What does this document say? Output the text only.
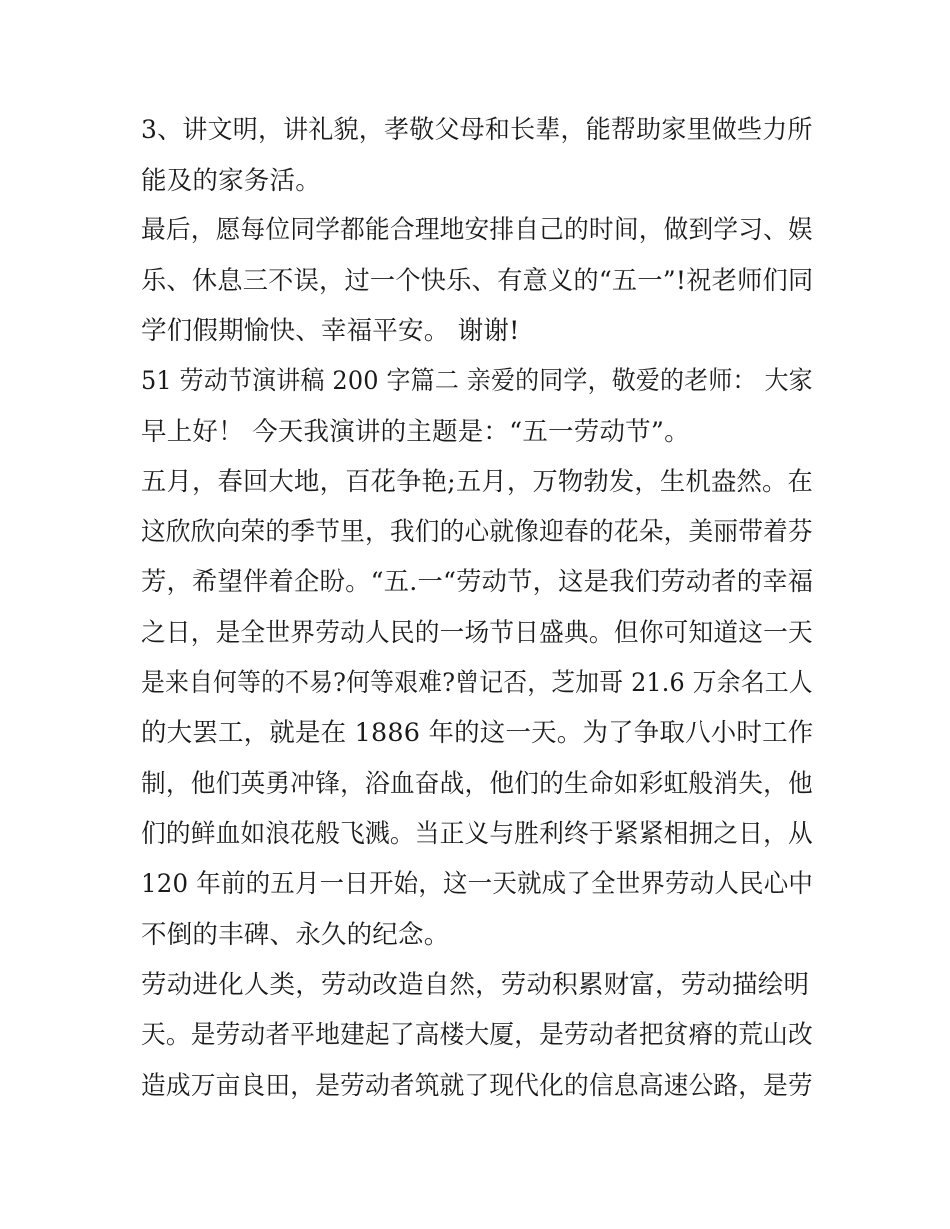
3、讲文明，讲礼貌，孝敬父母和长辈，能帮助家里做些力所
能及的家务活。
最后，愿每位同学都能合理地安排自己的时间，做到学习、娱
乐、休息三不误，过一个快乐、有意义的“五一”!祝老师们同
学们假期愉快、幸福平安。 谢谢!
51 劳动节演讲稿 200 字篇二 亲爱的同学，敬爱的老师： 大家
早上好！ 今天我演讲的主题是：“五一劳动节”。
五月，春回大地，百花争艳;五月，万物勃发，生机盎然。在
这欣欣向荣的季节里，我们的心就像迎春的花朵，美丽带着芬
芳，希望伴着企盼。“五.一“劳动节，这是我们劳动者的幸福
之日，是全世界劳动人民的一场节日盛典。但你可知道这一天
是来自何等的不易?何等艰难?曾记否，芝加哥 21.6 万余名工人
的大罢工，就是在 1886 年的这一天。为了争取八小时工作
制，他们英勇冲锋，浴血奋战，他们的生命如彩虹般消失，他
们的鲜血如浪花般飞溅。当正义与胜利终于紧紧相拥之日，从
120 年前的五月一日开始，这一天就成了全世界劳动人民心中
不倒的丰碑、永久的纪念。
劳动进化人类，劳动改造自然，劳动积累财富，劳动描绘明
天。是劳动者平地建起了高楼大厦，是劳动者把贫瘠的荒山改
造成万亩良田，是劳动者筑就了现代化的信息高速公路，是劳
